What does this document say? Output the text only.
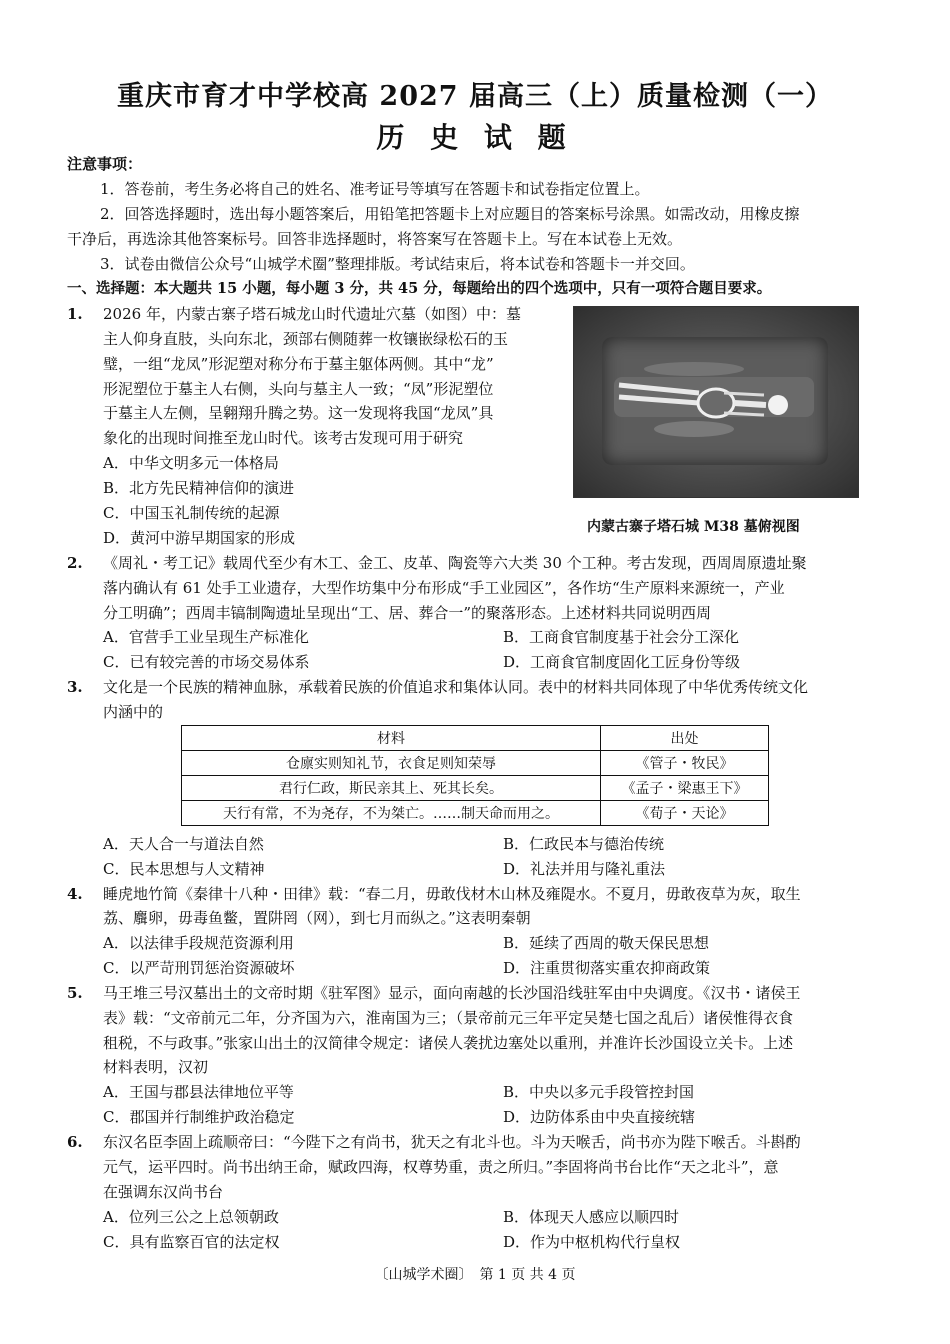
重庆市育才中学校高 2027 届高三（上）质量检测（一）
历 史 试 题
注意事项：
1．答卷前，考生务必将自己的姓名、准考证号等填写在答题卡和试卷指定位置上。
2．回答选择题时，选出每小题答案后，用铅笔把答题卡上对应题目的答案标号涂黑。如需改动，用橡皮擦
干净后，再选涂其他答案标号。回答非选择题时，将答案写在答题卡上。写在本试卷上无效。
3．试卷由微信公众号“山城学术圈”整理排版。考试结束后，将本试卷和答题卡一并交回。
一、选择题：本大题共 15 小题，每小题 3 分，共 45 分，每题给出的四个选项中，只有一项符合题目要求。
1. 2026 年，内蒙古寨子塔石城龙山时代遗址穴墓（如图）中：墓
主人仰身直肢，头向东北，颈部右侧随葬一枚镶嵌绿松石的玉
璧，一组“龙凤”形泥塑对称分布于墓主躯体两侧。其中“龙”
形泥塑位于墓主人右侧，头向与墓主人一致；“凤”形泥塑位
于墓主人左侧，呈翱翔升腾之势。这一发现将我国“龙凤”具
象化的出现时间推至龙山时代。该考古发现可用于研究
A．中华文明多元一体格局
B．北方先民精神信仰的演进
C．中国玉礼制传统的起源
D．黄河中游早期国家的形成
内蒙古寨子塔石城 M38 墓俯视图
2. 《周礼・考工记》载周代至少有木工、金工、皮革、陶瓷等六大类 30 个工种。考古发现，西周周原遗址聚
落内确认有 61 处手工业遗存，大型作坊集中分布形成“手工业园区”，各作坊“生产原料来源统一，产业
分工明确”；西周丰镐制陶遗址呈现出“工、居、葬合一”的聚落形态。上述材料共同说明西周
A．官营手工业呈现生产标准化	B．工商食官制度基于社会分工深化
C．已有较完善的市场交易体系	D．工商食官制度固化工匠身份等级
3. 文化是一个民族的精神血脉，承载着民族的价值追求和集体认同。表中的材料共同体现了中华优秀传统文化
内涵中的
材料	出处
仓廪实则知礼节，衣食足则知荣辱	《管子・牧民》
君行仁政，斯民亲其上、死其长矣。	《孟子・梁惠王下》
天行有常，不为尧存，不为桀亡。……制天命而用之。	《荀子・天论》
A．天人合一与道法自然	B．仁政民本与德治传统
C．民本思想与人文精神	D．礼法并用与隆礼重法
4. 睡虎地竹简《秦律十八种・田律》载：“春二月，毋敢伐材木山林及雍隄水。不夏月，毋敢夜草为灰，取生
荔、麛卵，毋毒鱼鳖，置阱罔（网），到七月而纵之。”这表明秦朝
A．以法律手段规范资源利用	B．延续了西周的敬天保民思想
C．以严苛刑罚惩治资源破坏	D．注重贯彻落实重农抑商政策
5. 马王堆三号汉墓出土的文帝时期《驻军图》显示，面向南越的长沙国沿线驻军由中央调度。《汉书・诸侯王
表》载：“文帝前元二年，分齐国为六，淮南国为三；（景帝前元三年平定吴楚七国之乱后）诸侯惟得衣食
租税，不与政事。”张家山出土的汉简律令规定：诸侯人袭扰边塞处以重刑，并准许长沙国设立关卡。上述
材料表明，汉初
A．王国与郡县法律地位平等	B．中央以多元手段管控封国
C．郡国并行制维护政治稳定	D．边防体系由中央直接统辖
6. 东汉名臣李固上疏顺帝曰：“今陛下之有尚书，犹天之有北斗也。斗为天喉舌，尚书亦为陛下喉舌。斗斟酌
元气，运平四时。尚书出纳王命，赋政四海，权尊势重，责之所归。”李固将尚书台比作“天之北斗”，意
在强调东汉尚书台
A．位列三公之上总领朝政	B．体现天人感应以顺四时
C．具有监察百官的法定权	D．作为中枢机构代行皇权
〔山城学术圈〕　第 1 页 共 4 页
